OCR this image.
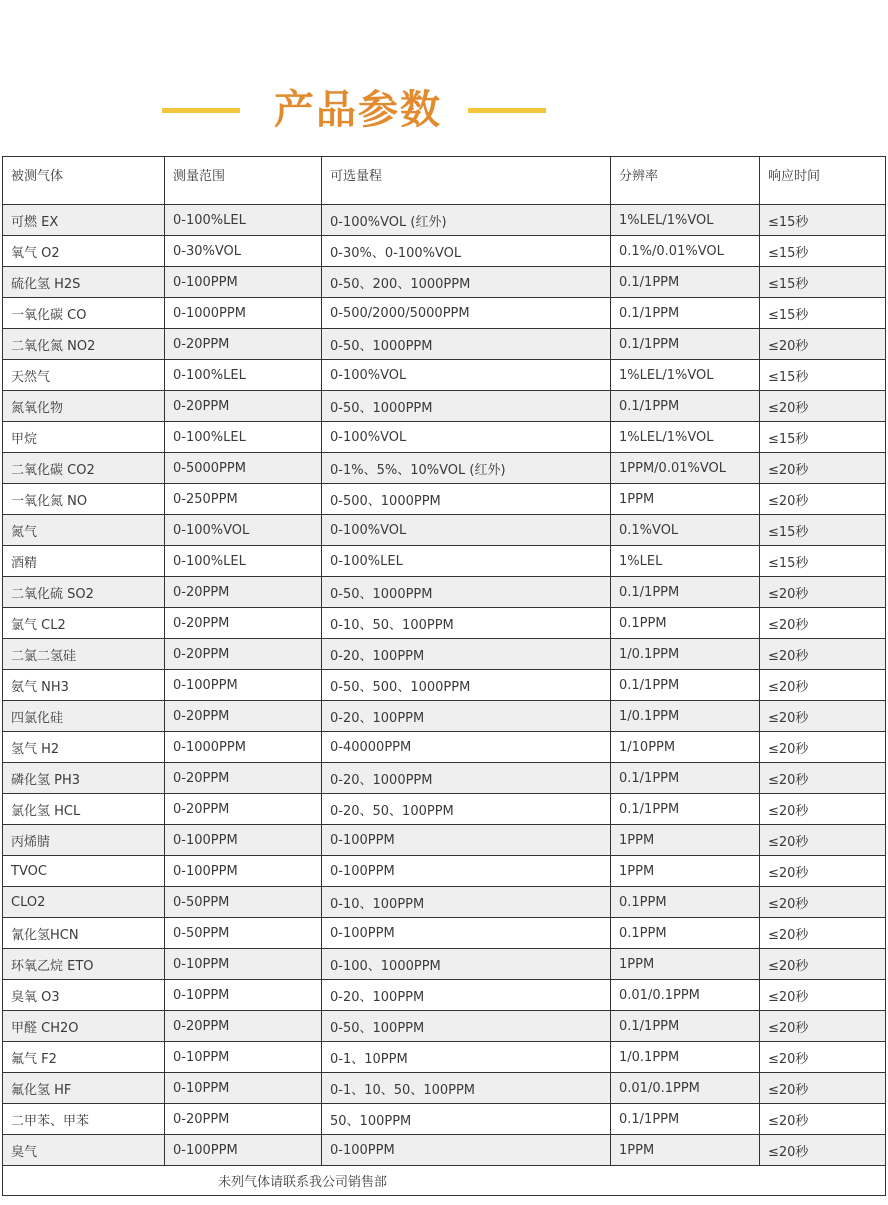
产品参数
被测气体	测量范围	可选量程	分辨率	响应时间
可燃 EX	0-100%LEL	0-100%VOL (红外)	1%LEL/1%VOL	≤15秒
氧气 O2	0-30%VOL	0-30%、0-100%VOL	0.1%/0.01%VOL	≤15秒
硫化氢 H2S	0-100PPM	0-50、200、1000PPM	0.1/1PPM	≤15秒
一氧化碳 CO	0-1000PPM	0-500/2000/5000PPM	0.1/1PPM	≤15秒
二氧化氮 NO2	0-20PPM	0-50、1000PPM	0.1/1PPM	≤20秒
天然气	0-100%LEL	0-100%VOL	1%LEL/1%VOL	≤15秒
氮氧化物	0-20PPM	0-50、1000PPM	0.1/1PPM	≤20秒
甲烷	0-100%LEL	0-100%VOL	1%LEL/1%VOL	≤15秒
二氧化碳 CO2	0-5000PPM	0-1%、5%、10%VOL (红外)	1PPM/0.01%VOL	≤20秒
一氧化氮 NO	0-250PPM	0-500、1000PPM	1PPM	≤20秒
氮气	0-100%VOL	0-100%VOL	0.1%VOL	≤15秒
酒精	0-100%LEL	0-100%LEL	1%LEL	≤15秒
二氧化硫 SO2	0-20PPM	0-50、1000PPM	0.1/1PPM	≤20秒
氯气 CL2	0-20PPM	0-10、50、100PPM	0.1PPM	≤20秒
二氯二氢硅	0-20PPM	0-20、100PPM	1/0.1PPM	≤20秒
氨气 NH3	0-100PPM	0-50、500、1000PPM	0.1/1PPM	≤20秒
四氯化硅	0-20PPM	0-20、100PPM	1/0.1PPM	≤20秒
氢气 H2	0-1000PPM	0-40000PPM	1/10PPM	≤20秒
磷化氢 PH3	0-20PPM	0-20、1000PPM	0.1/1PPM	≤20秒
氯化氢 HCL	0-20PPM	0-20、50、100PPM	0.1/1PPM	≤20秒
丙烯腈	0-100PPM	0-100PPM	1PPM	≤20秒
TVOC	0-100PPM	0-100PPM	1PPM	≤20秒
CLO2	0-50PPM	0-10、100PPM	0.1PPM	≤20秒
氰化氢HCN	0-50PPM	0-100PPM	0.1PPM	≤20秒
环氧乙烷 ETO	0-10PPM	0-100、1000PPM	1PPM	≤20秒
臭氧 O3	0-10PPM	0-20、100PPM	0.01/0.1PPM	≤20秒
甲醛 CH2O	0-20PPM	0-50、100PPM	0.1/1PPM	≤20秒
氟气 F2	0-10PPM	0-1、10PPM	1/0.1PPM	≤20秒
氟化氢 HF	0-10PPM	0-1、10、50、100PPM	0.01/0.1PPM	≤20秒
二甲苯、甲苯	0-20PPM	50、100PPM	0.1/1PPM	≤20秒
臭气	0-100PPM	0-100PPM	1PPM	≤20秒
未列气体请联系我公司销售部				
